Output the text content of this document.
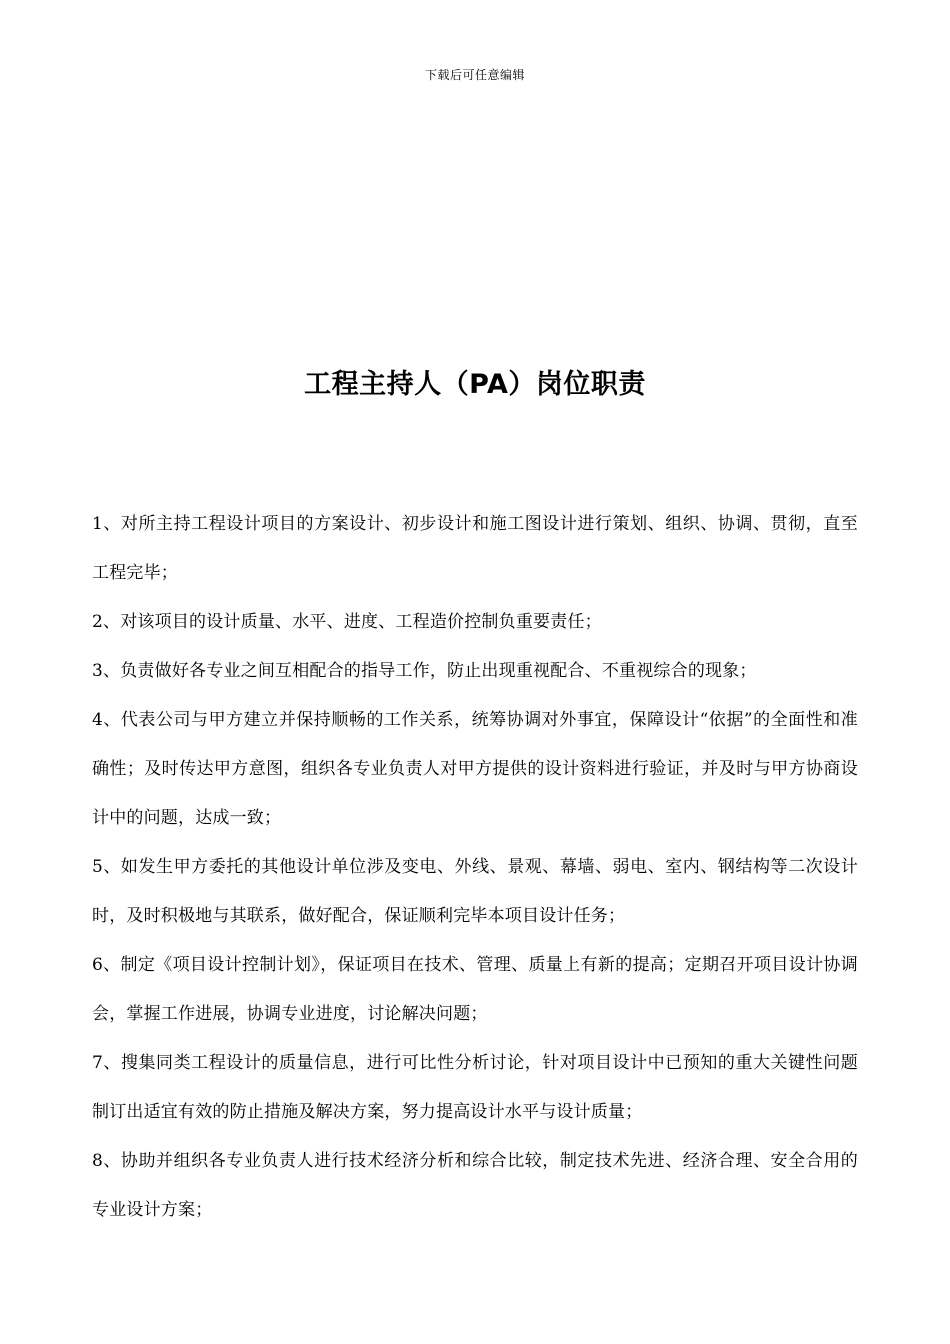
下载后可任意编辑
工程主持人（PA）岗位职责

1、对所主持工程设计项目的方案设计、初步设计和施工图设计进行策划、组织、协调、贯彻，直至工程完毕；

2、对该项目的设计质量、水平、进度、工程造价控制负重要责任；

3、负责做好各专业之间互相配合的指导工作，防止出现重视配合、不重视综合的现象；

4、代表公司与甲方建立并保持顺畅的工作关系，统筹协调对外事宜，保障设计“依据”的全面性和准确性；及时传达甲方意图，组织各专业负责人对甲方提供的设计资料进行验证，并及时与甲方协商设计中的问题，达成一致；

5、如发生甲方委托的其他设计单位涉及变电、外线、景观、幕墙、弱电、室内、钢结构等二次设计时，及时积极地与其联系，做好配合，保证顺利完毕本项目设计任务；

6、制定《项目设计控制计划》，保证项目在技术、管理、质量上有新的提高；定期召开项目设计协调会，掌握工作进展，协调专业进度，讨论解决问题；

7、搜集同类工程设计的质量信息，进行可比性分析讨论，针对项目设计中已预知的重大关键性问题制订出适宜有效的防止措施及解决方案，努力提高设计水平与设计质量；

8、协助并组织各专业负责人进行技术经济分析和综合比较，制定技术先进、经济合理、安全合用的专业设计方案；
